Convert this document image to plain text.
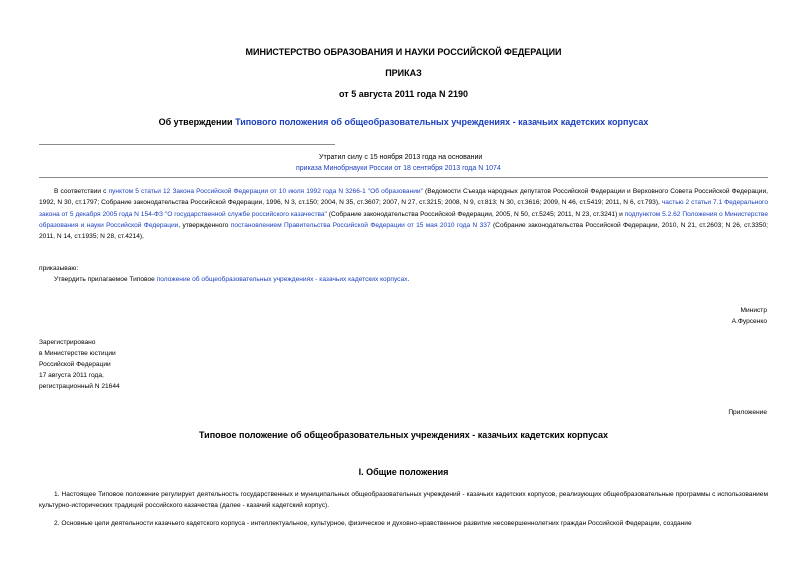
МИНИСТЕРСТВО ОБРАЗОВАНИЯ И НАУКИ РОССИЙСКОЙ ФЕДЕРАЦИИ
ПРИКАЗ
от 5 августа 2011 года N 2190
Об утверждении Типового положения об общеобразовательных учреждениях - казачьих кадетских корпусах
Утратил силу с 15 ноября 2013 года на основании
приказа Минобрнауки России от 18 сентября 2013 года N 1074
В соответствии с пунктом 5 статьи 12 Закона Российской Федерации от 10 июля 1992 года N 3266-1 "Об образовании" (Ведомости Съезда народных депутатов Российской Федерации и Верховного Совета Российской Федерации, 1992, N 30, ст.1797; Собрание законодательства Российской Федерации, 1996, N 3, ст.150; 2004, N 35, ст.3607; 2007, N 27, ст.3215; 2008, N 9, ст.813; N 30, ст.3616; 2009, N 46, ст.5419; 2011, N 6, ст.793), частью 2 статьи 7.1 Федерального закона от 5 декабря 2005 года N 154-ФЗ "О государственной службе российского казачества" (Собрание законодательства Российской Федерации, 2005, N 50, ст.5245; 2011, N 23, ст.3241) и подпунктом 5.2.62 Положения о Министерстве образования и науки Российской Федерации, утвержденного постановлением Правительства Российской Федерации от 15 мая 2010 года N 337 (Собрание законодательства Российской Федерации, 2010, N 21, ст.2603; N 26, ст.3350; 2011, N 14, ст.1935; N 28, ст.4214),
приказываю:
Утвердить прилагаемое Типовое положение об общеобразовательных учреждениях - казачьих кадетских корпусах.
Министр
А.Фурсенко
Зарегистрировано
в Министерстве юстиции
Российской Федерации
17 августа 2011 года,
регистрационный N 21644
Приложение
Типовое положение об общеобразовательных учреждениях - казачьих кадетских корпусах
I. Общие положения
1. Настоящее Типовое положение регулирует деятельность государственных и муниципальных общеобразовательных учреждений - казачьих кадетских корпусов, реализующих общеобразовательные программы с использованием культурно-исторических традиций российского казачества (далее - казачий кадетский корпус).
2. Основные цели деятельности казачьего кадетского корпуса - интеллектуальное, культурное, физическое и духовно-нравственное развитие несовершеннолетних граждан Российской Федерации, создание
